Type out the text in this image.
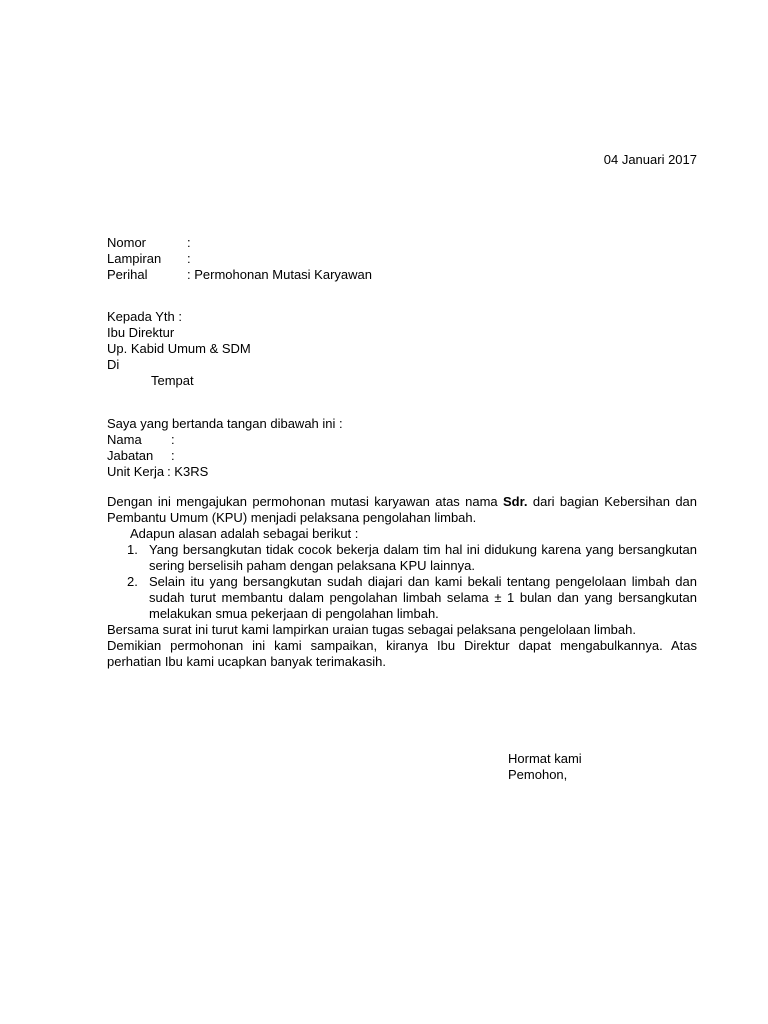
04 Januari 2017
Nomor	:
Lampiran	:
Perihal	: Permohonan Mutasi Karyawan
Kepada Yth :
Ibu Direktur
Up. Kabid Umum & SDM
Di
Tempat
Saya yang bertanda tangan dibawah ini :
Nama	:
Jabatan	:
Unit Kerja : K3RS
Dengan ini mengajukan permohonan mutasi karyawan atas nama Sdr. dari bagian Kebersihan dan Pembantu Umum (KPU) menjadi pelaksana pengolahan limbah.
Adapun alasan adalah sebagai berikut :
1. Yang bersangkutan tidak cocok bekerja dalam tim hal ini didukung karena yang bersangkutan sering berselisih paham dengan pelaksana KPU lainnya.
2. Selain itu yang bersangkutan sudah diajari dan kami bekali tentang pengelolaan limbah dan sudah turut membantu dalam pengolahan limbah selama ± 1 bulan dan yang bersangkutan melakukan smua pekerjaan di pengolahan limbah.
Bersama surat ini turut kami lampirkan uraian tugas sebagai pelaksana pengelolaan limbah.
Demikian permohonan ini kami sampaikan, kiranya Ibu Direktur dapat mengabulkannya. Atas perhatian Ibu kami ucapkan banyak terimakasih.
Hormat kami
Pemohon,
